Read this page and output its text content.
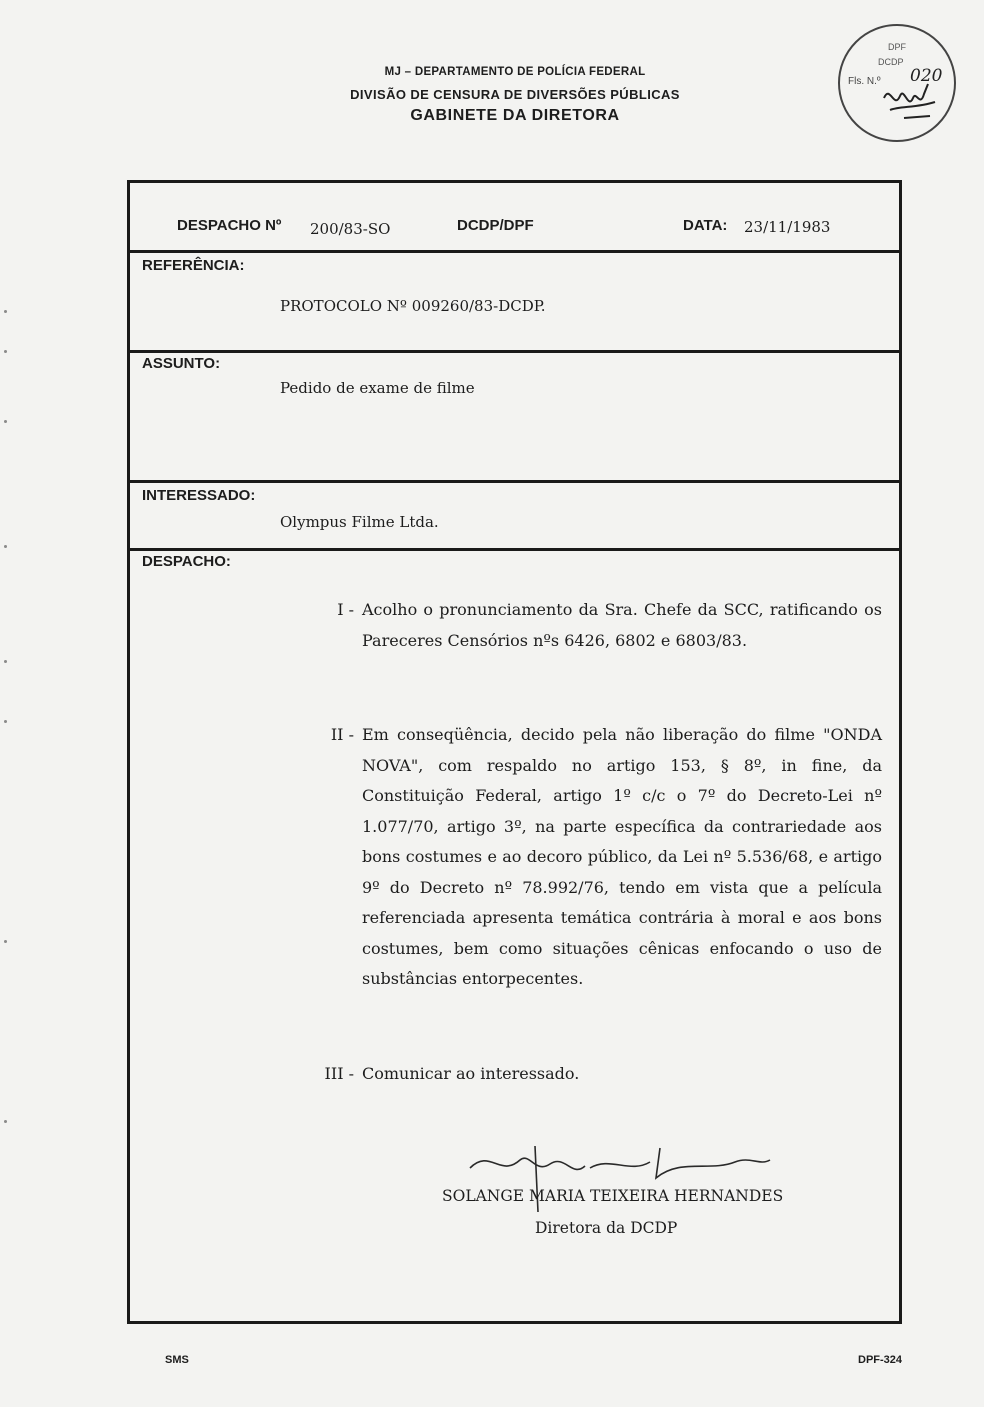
MJ – DEPARTAMENTO DE POLÍCIA FEDERAL
DIVISÃO DE CENSURA DE DIVERSÕES PÚBLICAS
GABINETE DA DIRETORA
DPF
DCDP
Fls. N.º 020
DESPACHO Nº 200/83-SO	DCDP/DPF	DATA: 23/11/1983
REFERÊNCIA:
PROTOCOLO Nº 009260/83-DCDP.
ASSUNTO:
Pedido de exame de filme
INTERESSADO:
Olympus Filme Ltda.
DESPACHO:
I - Acolho o pronunciamento da Sra. Chefe da SCC, ratificando os Pareceres Censórios nºs 6426, 6802 e 6803/83.
II - Em conseqüência, decido pela não liberação do filme "ONDA NOVA", com respaldo no artigo 153, § 8º, in fine, da Constituição Federal, artigo 1º c/c o 7º do Decreto-Lei nº 1.077/70, artigo 3º, na parte específica da contrariedade aos bons costumes e ao decoro público, da Lei nº 5.536/68, e artigo 9º do Decreto nº 78.992/76, tendo em vista que a película referenciada apresenta temática contrária à moral e aos bons costumes, bem como situações cênicas enfocando o uso de substâncias entorpecentes.
III - Comunicar ao interessado.
SOLANGE MARIA TEIXEIRA HERNANDES
Diretora da DCDP
SMS	DPF-324
